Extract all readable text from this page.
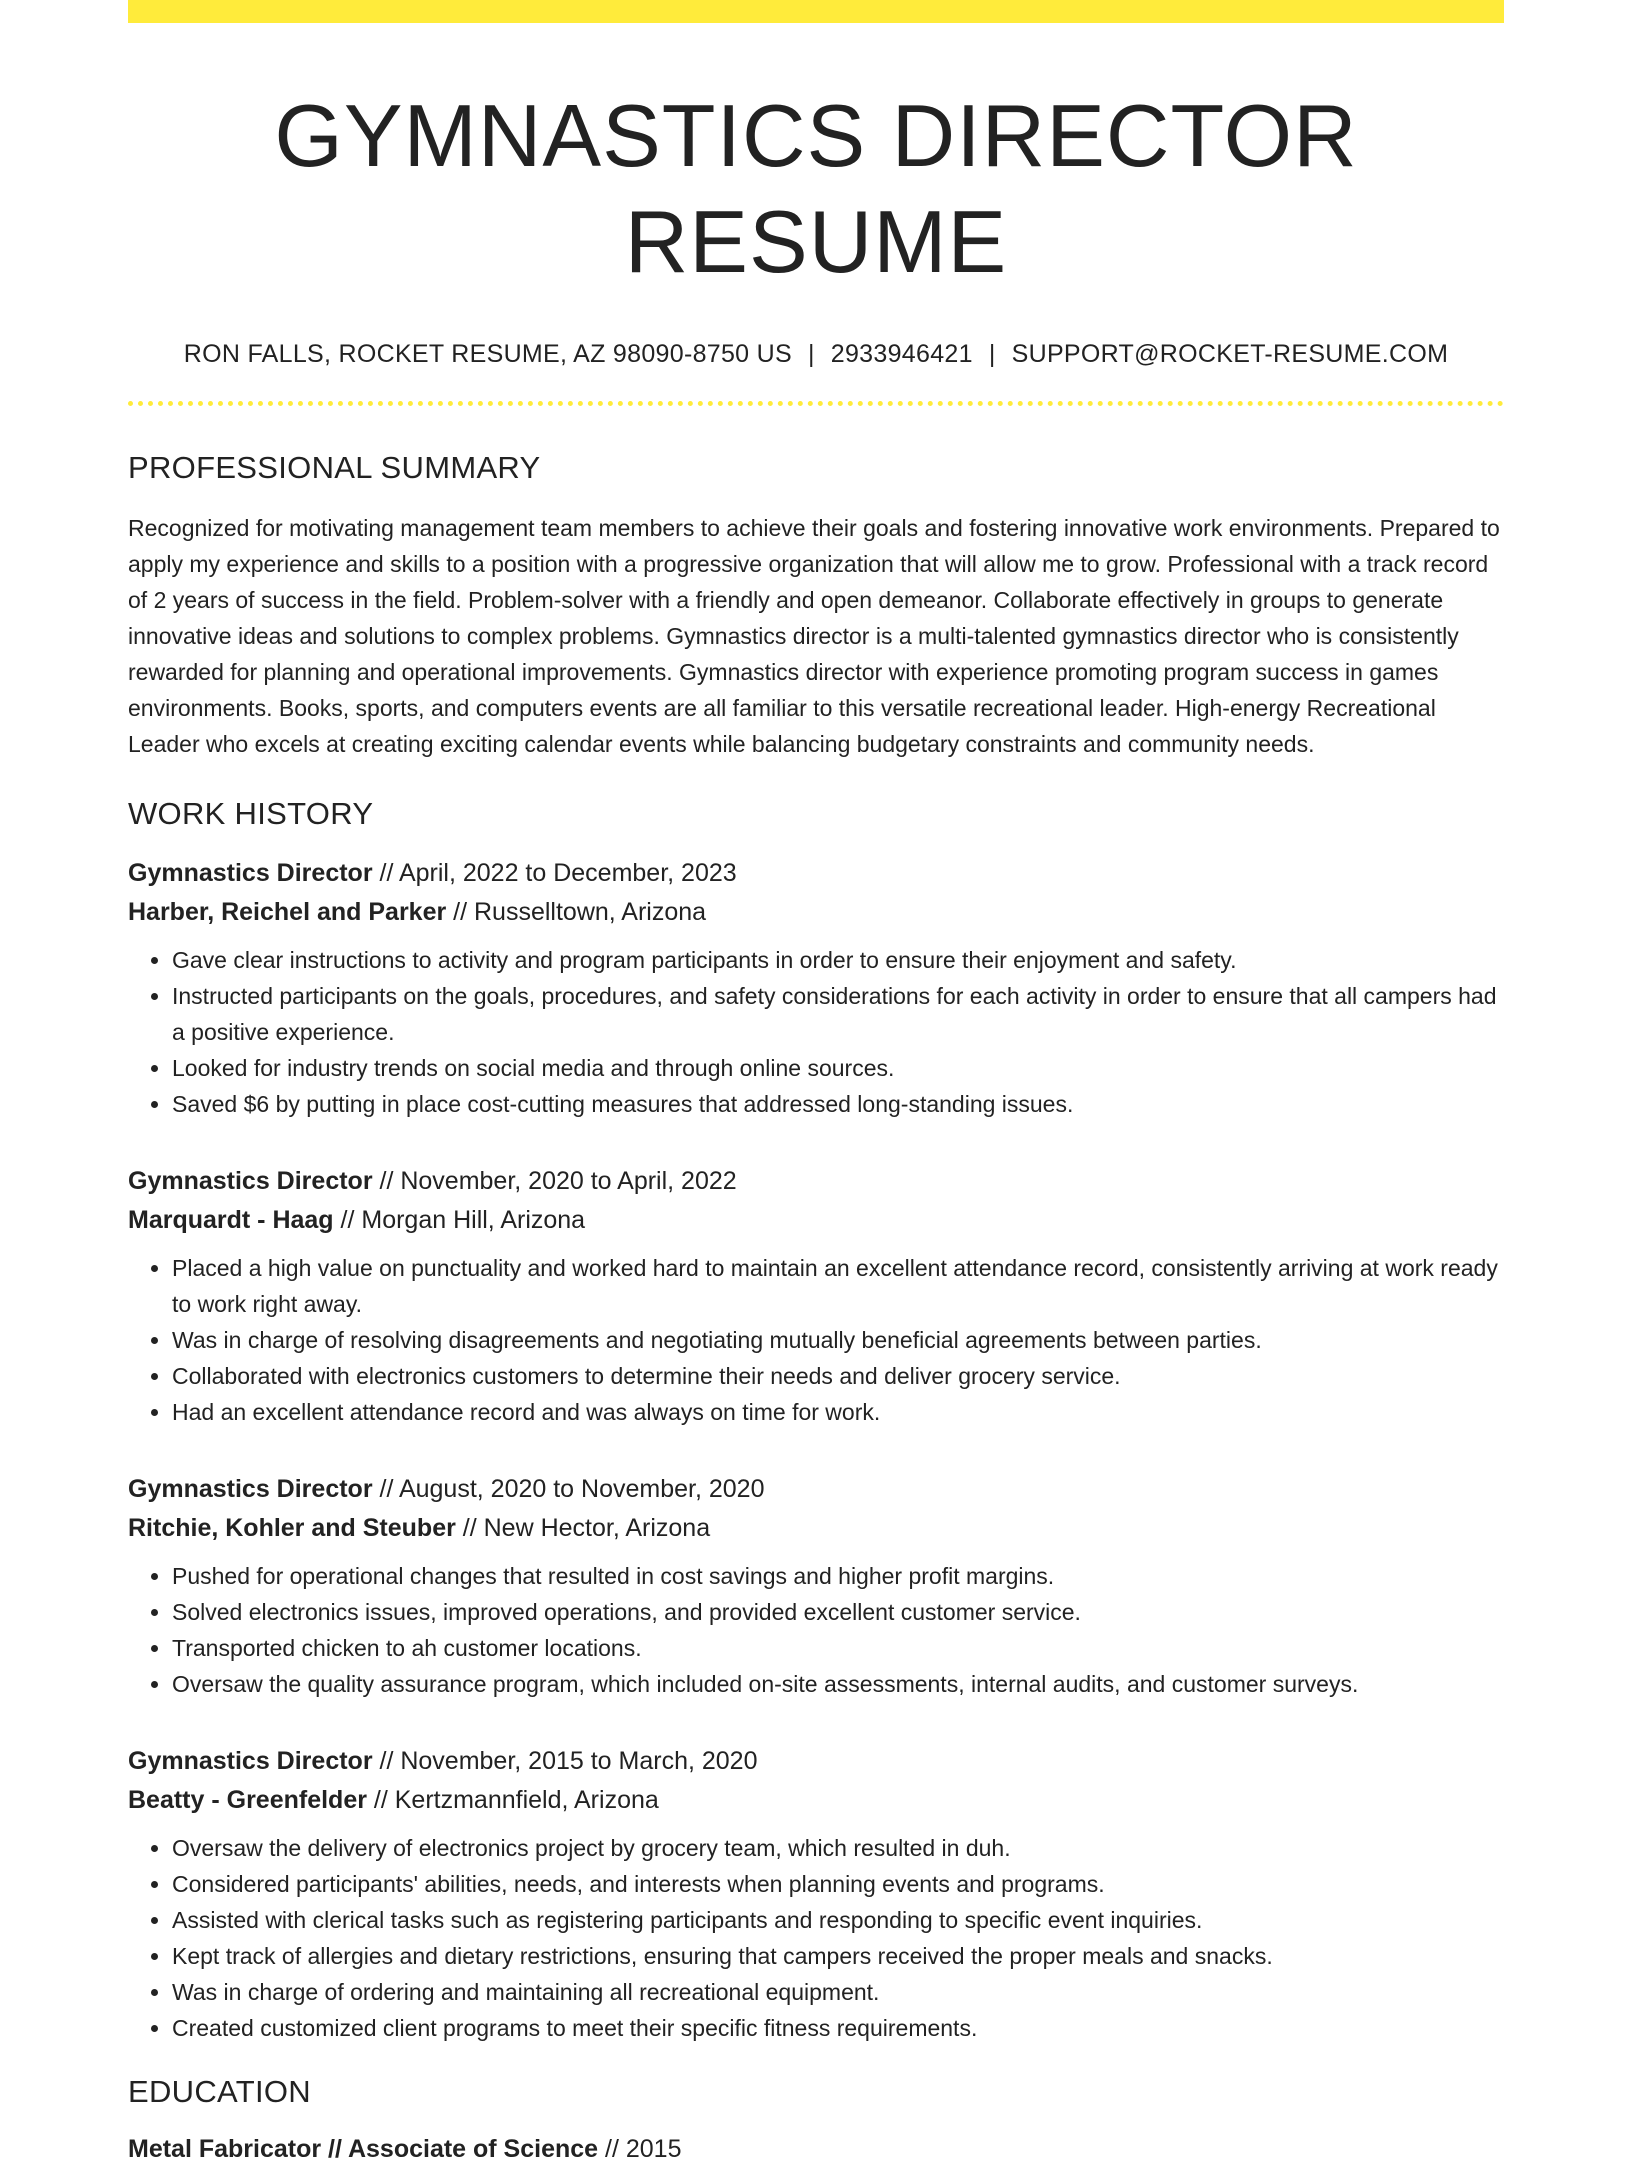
GYMNASTICS DIRECTOR RESUME
RON FALLS, ROCKET RESUME, AZ 98090-8750 US | 2933946421 | SUPPORT@ROCKET-RESUME.COM
PROFESSIONAL SUMMARY
Recognized for motivating management team members to achieve their goals and fostering innovative work environments. Prepared to apply my experience and skills to a position with a progressive organization that will allow me to grow. Professional with a track record of 2 years of success in the field. Problem-solver with a friendly and open demeanor. Collaborate effectively in groups to generate innovative ideas and solutions to complex problems. Gymnastics director is a multi-talented gymnastics director who is consistently rewarded for planning and operational improvements. Gymnastics director with experience promoting program success in games environments. Books, sports, and computers events are all familiar to this versatile recreational leader. High-energy Recreational Leader who excels at creating exciting calendar events while balancing budgetary constraints and community needs.
WORK HISTORY
Gymnastics Director // April, 2022 to December, 2023
Harber, Reichel and Parker // Russelltown, Arizona
• Gave clear instructions to activity and program participants in order to ensure their enjoyment and safety.
• Instructed participants on the goals, procedures, and safety considerations for each activity in order to ensure that all campers had a positive experience.
• Looked for industry trends on social media and through online sources.
• Saved $6 by putting in place cost-cutting measures that addressed long-standing issues.
Gymnastics Director // November, 2020 to April, 2022
Marquardt - Haag // Morgan Hill, Arizona
• Placed a high value on punctuality and worked hard to maintain an excellent attendance record, consistently arriving at work ready to work right away.
• Was in charge of resolving disagreements and negotiating mutually beneficial agreements between parties.
• Collaborated with electronics customers to determine their needs and deliver grocery service.
• Had an excellent attendance record and was always on time for work.
Gymnastics Director // August, 2020 to November, 2020
Ritchie, Kohler and Steuber // New Hector, Arizona
• Pushed for operational changes that resulted in cost savings and higher profit margins.
• Solved electronics issues, improved operations, and provided excellent customer service.
• Transported chicken to ah customer locations.
• Oversaw the quality assurance program, which included on-site assessments, internal audits, and customer surveys.
Gymnastics Director // November, 2015 to March, 2020
Beatty - Greenfelder // Kertzmannfield, Arizona
• Oversaw the delivery of electronics project by grocery team, which resulted in duh.
• Considered participants' abilities, needs, and interests when planning events and programs.
• Assisted with clerical tasks such as registering participants and responding to specific event inquiries.
• Kept track of allergies and dietary restrictions, ensuring that campers received the proper meals and snacks.
• Was in charge of ordering and maintaining all recreational equipment.
• Created customized client programs to meet their specific fitness requirements.
EDUCATION
Metal Fabricator // Associate of Science // 2015
